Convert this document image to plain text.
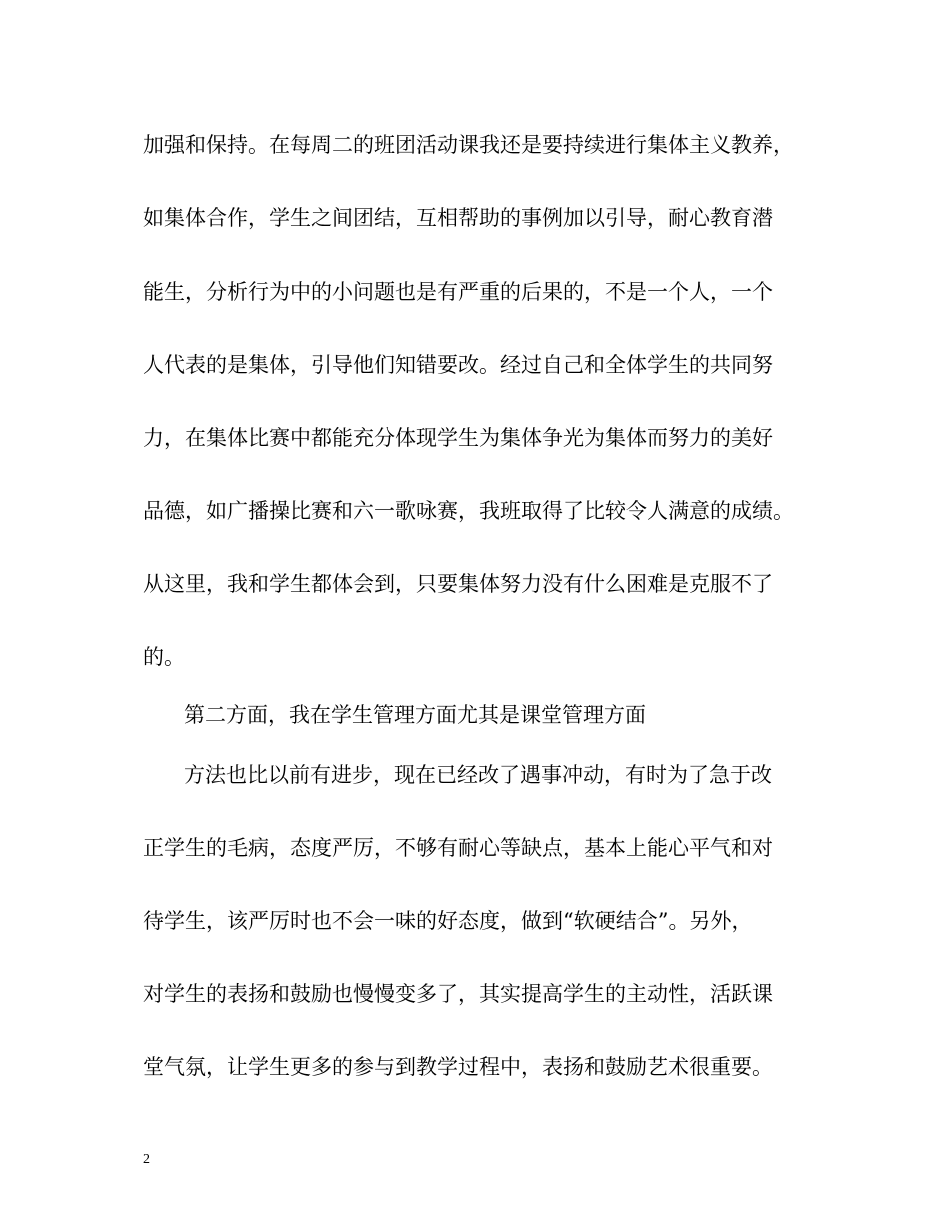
加强和保持。在每周二的班团活动课我还是要持续进行集体主义教养，
如集体合作，学生之间团结，互相帮助的事例加以引导，耐心教育潜
能生，分析行为中的小问题也是有严重的后果的，不是一个人，一个
人代表的是集体，引导他们知错要改。经过自己和全体学生的共同努
力，在集体比赛中都能充分体现学生为集体争光为集体而努力的美好
品德，如广播操比赛和六一歌咏赛，我班取得了比较令人满意的成绩。
从这里，我和学生都体会到，只要集体努力没有什么困难是克服不了
的。
第二方面，我在学生管理方面尤其是课堂管理方面
方法也比以前有进步，现在已经改了遇事冲动，有时为了急于改
正学生的毛病，态度严厉，不够有耐心等缺点，基本上能心平气和对
待学生，该严厉时也不会一味的好态度，做到“软硬结合”。另外，
对学生的表扬和鼓励也慢慢变多了，其实提高学生的主动性，活跃课
堂气氛，让学生更多的参与到教学过程中，表扬和鼓励艺术很重要。
2
